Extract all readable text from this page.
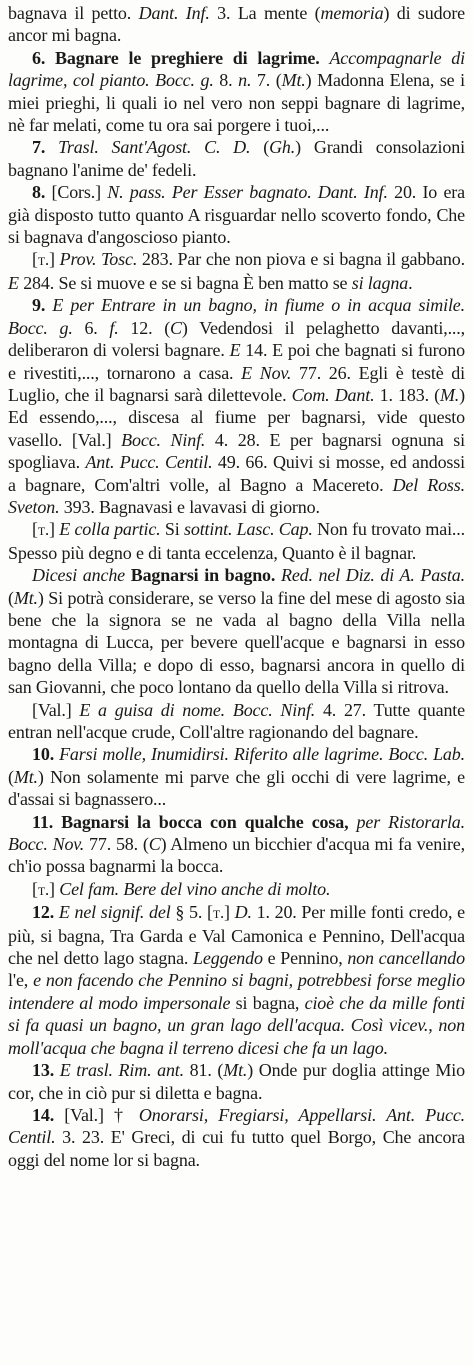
bagnava il petto. Dant. Inf. 3. La mente (memoria) di sudore ancor mi bagna.

6. Bagnare le preghiere di lagrime. Accompagnarle di lagrime, col pianto. Bocc. g. 8. n. 7. (Mt.) Madonna Elena, se i miei prieghi, li quali io nel vero non seppi bagnare di lagrime, nè far melati, come tu ora sai porgere i tuoi,...

7. Trasl. Sant'Agost. C. D. (Gh.) Grandi consolazioni bagnano l'anime de' fedeli.

8. [Cors.] N. pass. Per Esser bagnato. Dant. Inf. 20. Io era già disposto tutto quanto A risguardar nello scoverto fondo, Che si bagnava d'angoscioso pianto.

[t.] Prov. Tosc. 283. Par che non piova e si bagna il gabbano. E 284. Se si muove e se si bagna È ben matto se si lagna.

9. E per Entrare in un bagno, in fiume o in acqua simile. Bocc. g. 6. f. 12. (C) Vedendosi il pelaghetto davanti,..., deliberaron di volersi bagnare. E 14. E poi che bagnati si furono e rivestiti,..., tornarono a casa. E Nov. 77. 26. Egli è testè di Luglio, che il bagnarsi sarà dilettevole. Com. Dant. 1. 183. (M.) Ed essendo,..., discesa al fiume per bagnarsi, vide questo vasello. [Val.] Bocc. Ninf. 4. 28. E per bagnarsi ognuna si spogliava. Ant. Pucc. Centil. 49. 66. Quivi si mosse, ed andossi a bagnare, Com'altri volle, al Bagno a Macereto. Del Ross. Sveton. 393. Bagnavasi e lavavasi di giorno.

[t.] E colla partic. Si sottint. Lasc. Cap. Non fu trovato mai... Spesso più degno e di tanta eccelenza, Quanto è il bagnar.

Dicesi anche Bagnarsi in bagno. Red. nel Diz. di A. Pasta. (Mt.) Si potrà considerare, se verso la fine del mese di agosto sia bene che la signora se ne vada al bagno della Villa nella montagna di Lucca, per bevere quell'acque e bagnarsi in esso bagno della Villa; e dopo di esso, bagnarsi ancora in quello di san Giovanni, che poco lontano da quello della Villa si ritrova.

[Val.] E a guisa di nome. Bocc. Ninf. 4. 27. Tutte quante entran nell'acque crude, Coll'altre ragionando del bagnare.

10. Farsi molle, Inumidirsi. Riferito alle lagrime. Bocc. Lab. (Mt.) Non solamente mi parve che gli occhi di vere lagrime, e d'assai si bagnassero...

11. Bagnarsi la bocca con qualche cosa, per Ristorarla. Bocc. Nov. 77. 58. (C) Almeno un bicchier d'acqua mi fa venire, ch'io possa bagnarmi la bocca.

[t.] Cel fam. Bere del vino anche di molto.

12. E nel signif. del § 5. [t.] D. 1. 20. Per mille fonti credo, e più, si bagna, Tra Garda e Val Camonica e Pennino, Dell'acqua che nel detto lago stagna. Leggendo e Pennino, non cancellando l'e, e non facendo che Pennino si bagni, potrebbesi forse meglio intendere al modo impersonale si bagna, cioè che da mille fonti si fa quasi un bagno, un gran lago dell'acqua. Così vicev., non moll'acqua che bagna il terreno dicesi che fa un lago.

13. E trasl. Rim. ant. 81. (Mt.) Onde pur doglia attinge Mio cor, che in ciò pur si diletta e bagna.

14. [Val.] † Onorarsi, Fregiarsi, Appellarsi. Ant. Pucc. Centil. 3. 23. E' Greci, di cui fu tutto quel Borgo, Che ancora oggi del nome lor si bagna.
